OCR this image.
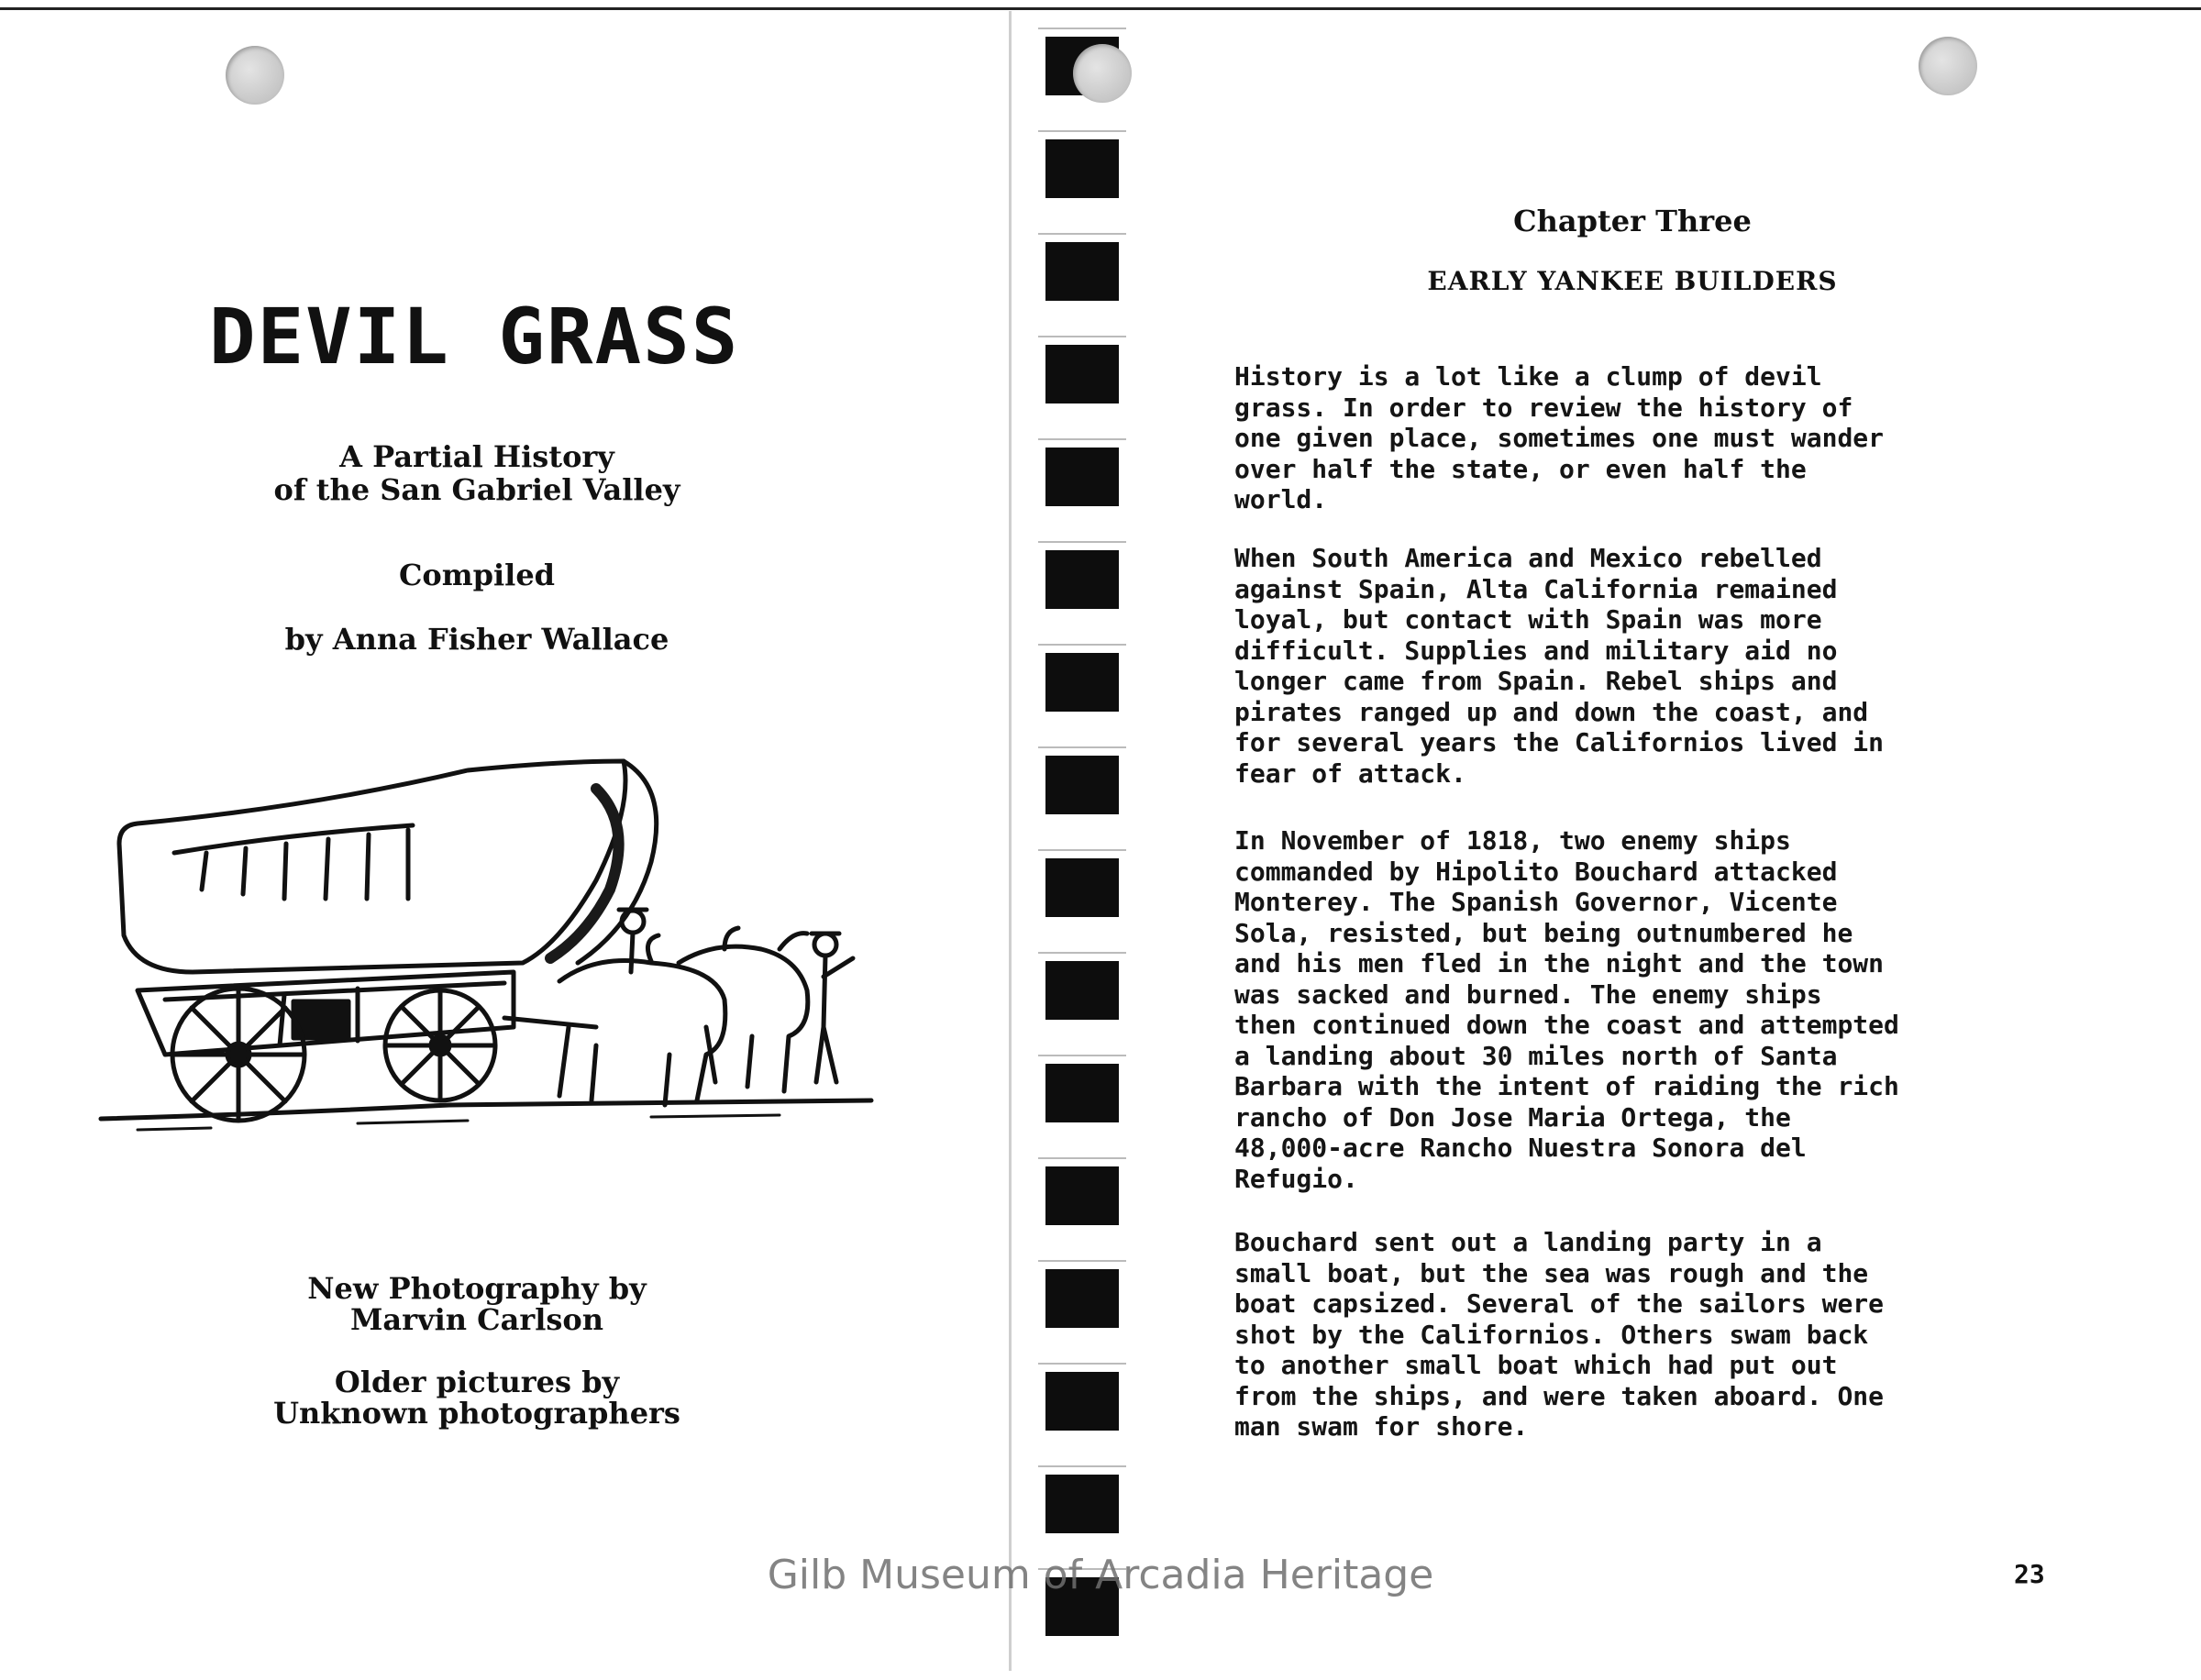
DEVIL GRASS
A Partial History
of the San Gabriel Valley
Compiled
by Anna Fisher Wallace
New Photography by
Marvin Carlson
Older pictures by
Unknown photographers
Chapter Three
EARLY YANKEE BUILDERS
History is a lot like a clump of devil
grass. In order to review the history of
one given place, sometimes one must wander
over half the state, or even half the
world.
When South America and Mexico rebelled
against Spain, Alta California remained
loyal, but contact with Spain was more
difficult. Supplies and military aid no
longer came from Spain. Rebel ships and
pirates ranged up and down the coast, and
for several years the Californios lived in
fear of attack.
In November of 1818, two enemy ships
commanded by Hipolito Bouchard attacked
Monterey. The Spanish Governor, Vicente
Sola, resisted, but being outnumbered he
and his men fled in the night and the town
was sacked and burned. The enemy ships
then continued down the coast and attempted
a landing about 30 miles north of Santa
Barbara with the intent of raiding the rich
rancho of Don Jose Maria Ortega, the
48,000-acre Rancho Nuestra Sonora del
Refugio.
Bouchard sent out a landing party in a
small boat, but the sea was rough and the
boat capsized. Several of the sailors were
shot by the Californios. Others swam back
to another small boat which had put out
from the ships, and were taken aboard. One
man swam for shore.
23
Gilb Museum of Arcadia Heritage
